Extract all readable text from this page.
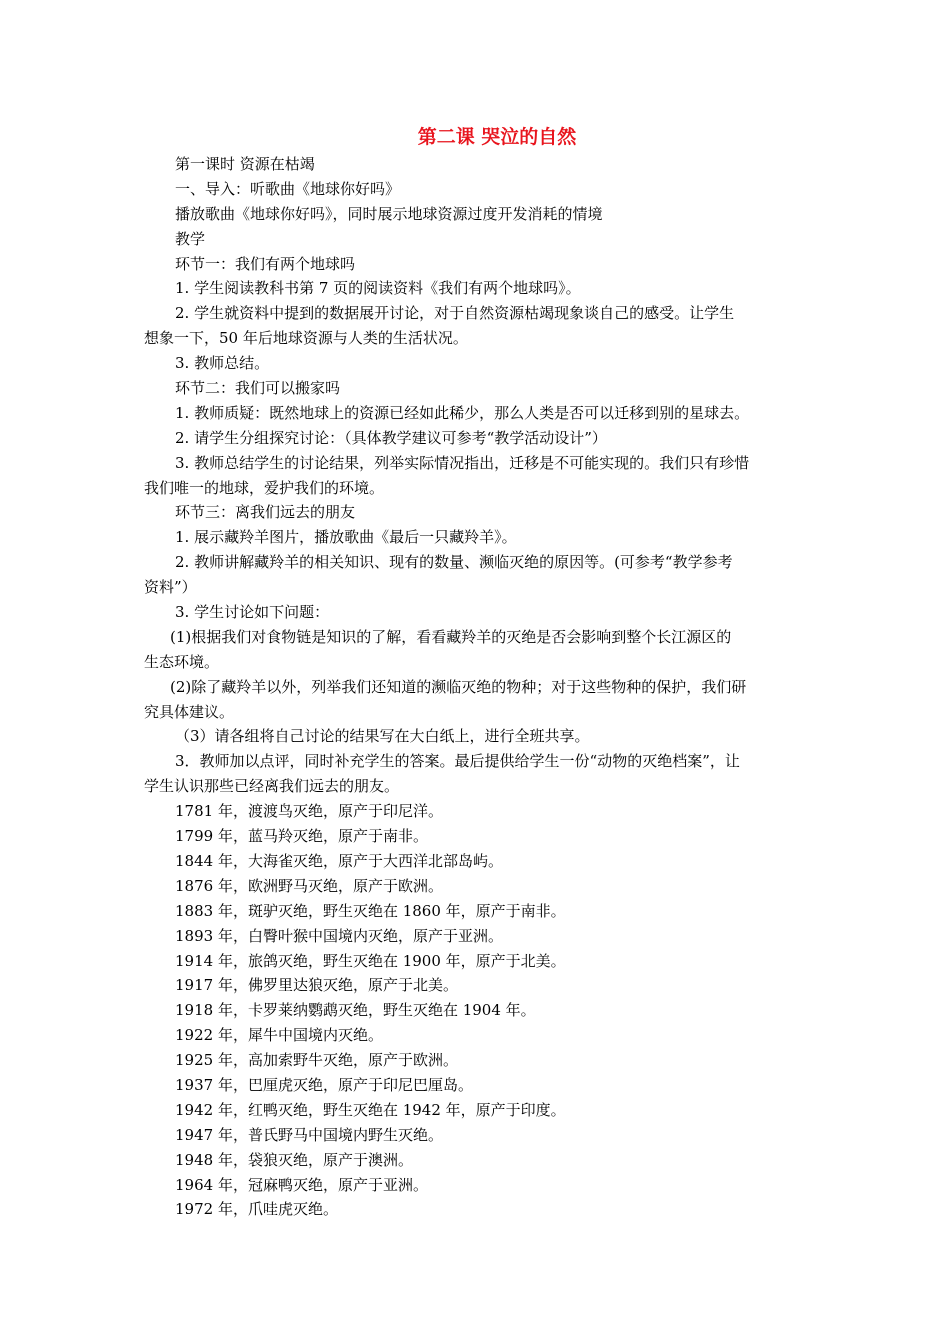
第二课 哭泣的自然
第一课时 资源在枯竭
一、导入：听歌曲《地球你好吗》
播放歌曲《地球你好吗》，同时展示地球资源过度开发消耗的情境
教学
环节一：我们有两个地球吗
1. 学生阅读教科书第 7 页的阅读资料《我们有两个地球吗》。
2. 学生就资料中提到的数据展开讨论，对于自然资源枯竭现象谈自己的感受。让学生
想象一下，50 年后地球资源与人类的生活状况。
3. 教师总结。
环节二：我们可以搬家吗
1. 教师质疑：既然地球上的资源已经如此稀少，那么人类是否可以迁移到别的星球去。
2. 请学生分组探究讨论：（具体教学建议可参考“教学活动设计”）
3. 教师总结学生的讨论结果，列举实际情况指出，迁移是不可能实现的。我们只有珍惜
我们唯一的地球，爱护我们的环境。
环节三：离我们远去的朋友
1. 展示藏羚羊图片，播放歌曲《最后一只藏羚羊》。
2. 教师讲解藏羚羊的相关知识、现有的数量、濒临灭绝的原因等。(可参考“教学参考
资料”）
3. 学生讨论如下问题：
(1)根据我们对食物链是知识的了解，看看藏羚羊的灭绝是否会影响到整个长江源区的
生态环境。
(2)除了藏羚羊以外，列举我们还知道的濒临灭绝的物种；对于这些物种的保护，我们研
究具体建议。
（3）请各组将自己讨论的结果写在大白纸上，进行全班共享。
3．教师加以点评，同时补充学生的答案。最后提供给学生一份“动物的灭绝档案”，让
学生认识那些已经离我们远去的朋友。
1781 年，渡渡鸟灭绝，原产于印尼洋。
1799 年，蓝马羚灭绝，原产于南非。
1844 年，大海雀灭绝，原产于大西洋北部岛屿。
1876 年，欧洲野马灭绝，原产于欧洲。
1883 年，斑驴灭绝，野生灭绝在 1860 年，原产于南非。
1893 年，白臀叶猴中国境内灭绝，原产于亚洲。
1914 年，旅鸽灭绝，野生灭绝在 1900 年，原产于北美。
1917 年，佛罗里达狼灭绝，原产于北美。
1918 年，卡罗莱纳鹦鹉灭绝，野生灭绝在 1904 年。
1922 年，犀牛中国境内灭绝。
1925 年，高加索野牛灭绝，原产于欧洲。
1937 年，巴厘虎灭绝，原产于印尼巴厘岛。
1942 年，红鸭灭绝，野生灭绝在 1942 年，原产于印度。
1947 年，普氏野马中国境内野生灭绝。
1948 年，袋狼灭绝，原产于澳洲。
1964 年，冠麻鸭灭绝，原产于亚洲。
1972 年，爪哇虎灭绝。
